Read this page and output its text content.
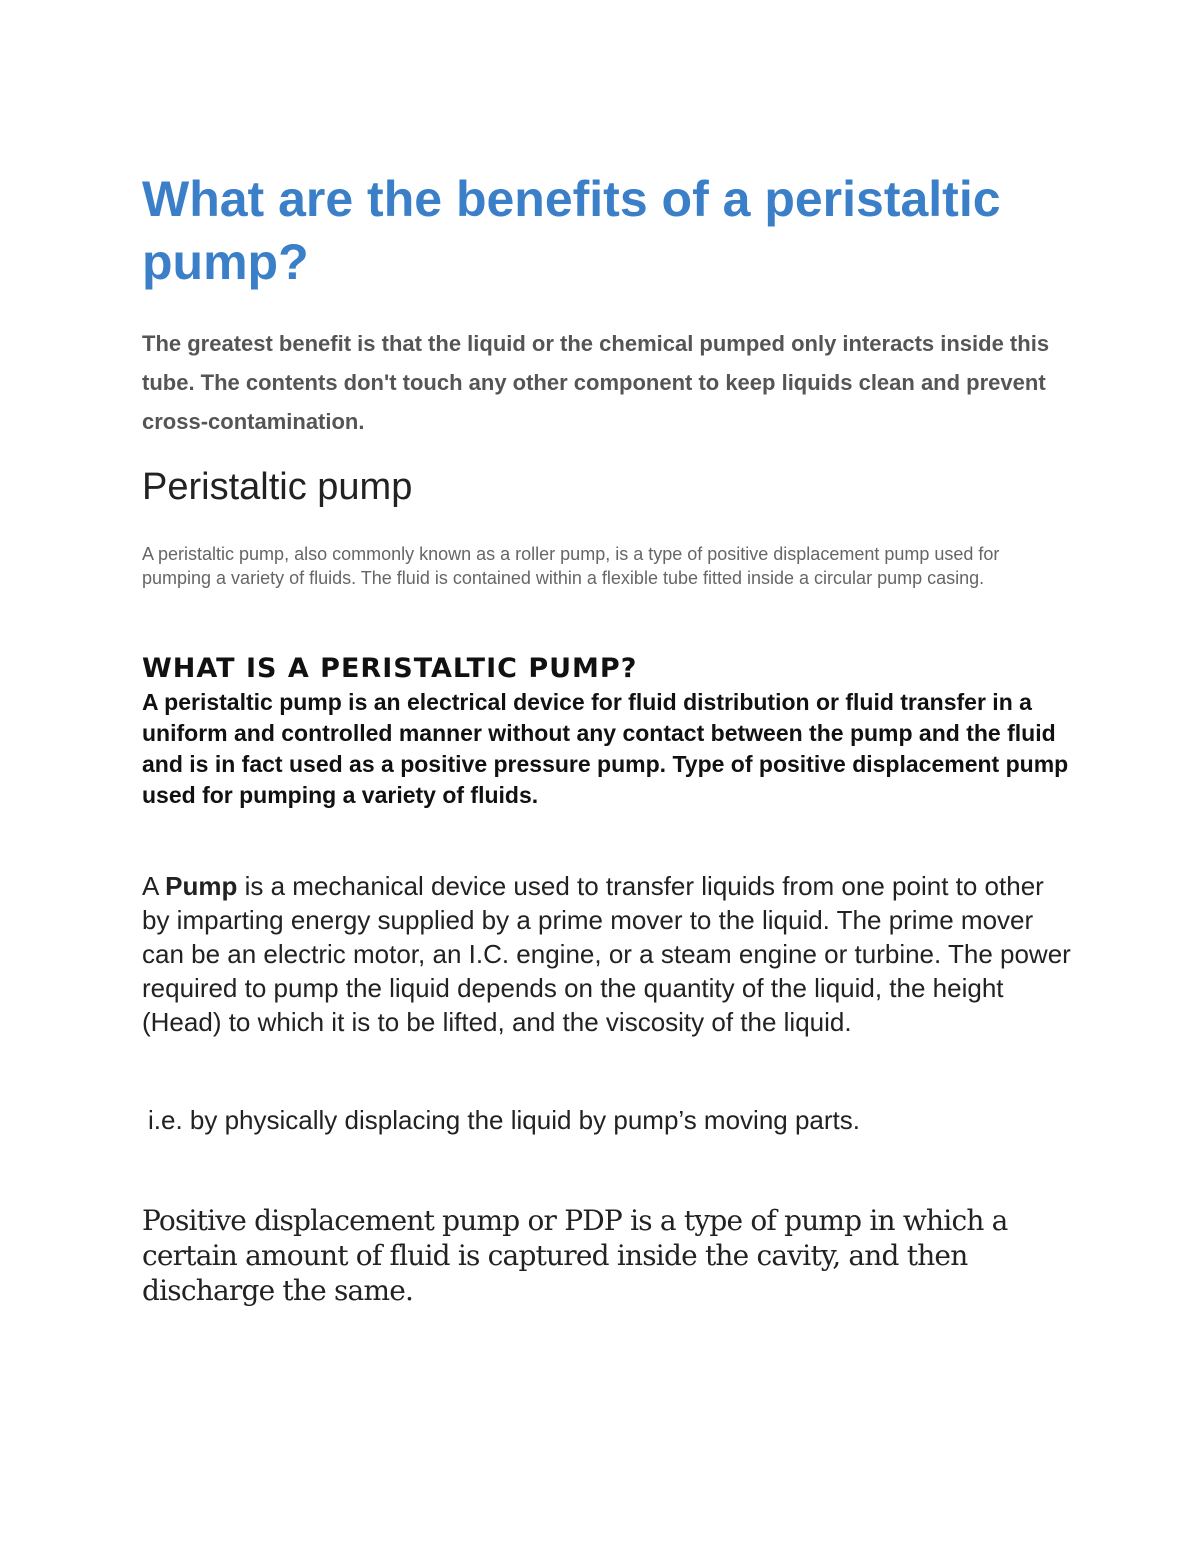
What are the benefits of a peristaltic pump?

The greatest benefit is that the liquid or the chemical pumped only interacts inside this tube. The contents don't touch any other component to keep liquids clean and prevent cross-contamination.

Peristaltic pump

A peristaltic pump, also commonly known as a roller pump, is a type of positive displacement pump used for pumping a variety of fluids. The fluid is contained within a flexible tube fitted inside a circular pump casing.

WHAT IS A PERISTALTIC PUMP?

A peristaltic pump is an electrical device for fluid distribution or fluid transfer in a uniform and controlled manner without any contact between the pump and the fluid and is in fact used as a positive pressure pump. Type of positive displacement pump used for pumping a variety of fluids.

A Pump is a mechanical device used to transfer liquids from one point to other by imparting energy supplied by a prime mover to the liquid. The prime mover can be an electric motor, an I.C. engine, or a steam engine or turbine. The power required to pump the liquid depends on the quantity of the liquid, the height (Head) to which it is to be lifted, and the viscosity of the liquid.

i.e. by physically displacing the liquid by pump’s moving parts.

Positive displacement pump or PDP is a type of pump in which a certain amount of fluid is captured inside the cavity, and then discharge the same.
